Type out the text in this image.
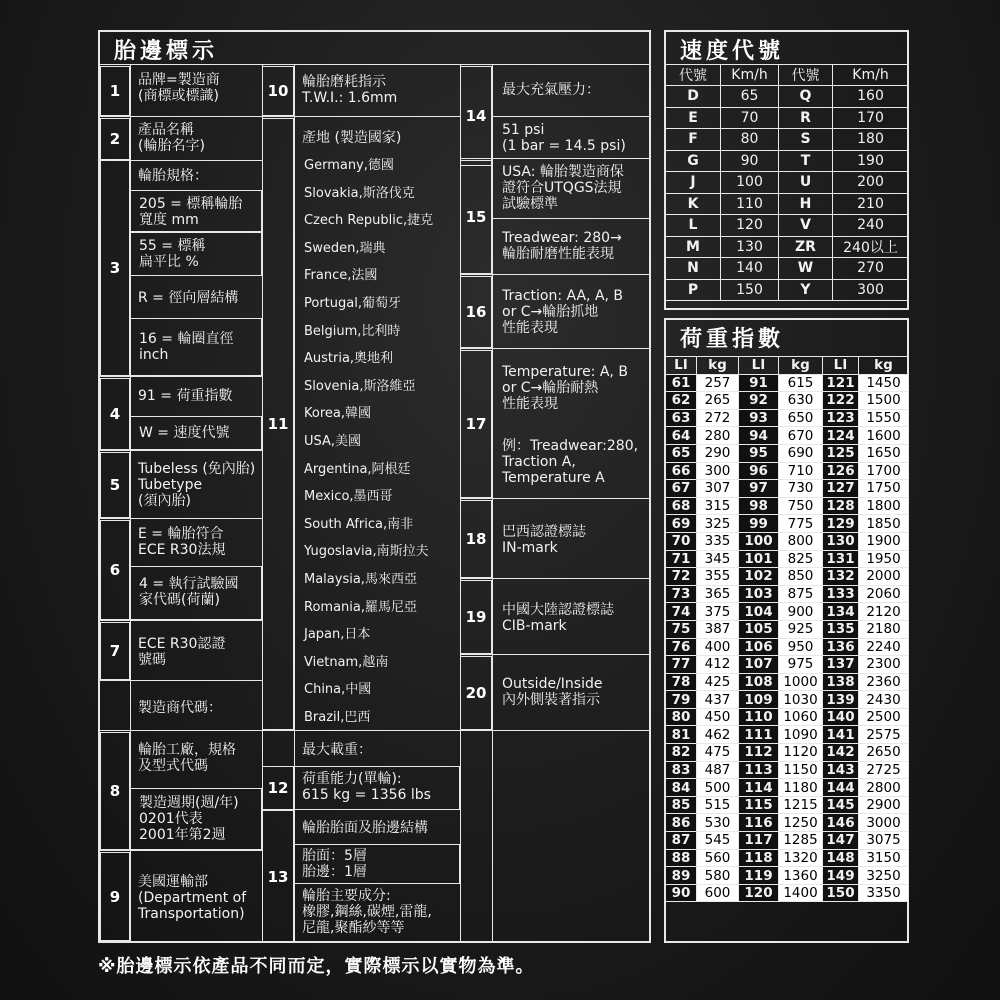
胎邊標示
1
品牌=製造商
(商標或標識)
2	產品名稱
(輪胎名字)
3
輪胎規格：
205 = 標稱輪胎
寬度 mm
55 = 標稱
扁平比 %
R = 徑向層結構
16 = 輪圈直徑
inch
4
91 = 荷重指數
W = 速度代號
5
Tubeless (免內胎)
Tubetype
(須內胎)
6
E = 輪胎符合
ECE R30法規
4 = 執行試驗國
家代碼(荷蘭)
7	ECE R30認證
號碼
製造商代碼：
8
輪胎工廠，規格
及型式代碼
製造週期(週/年)
0201代表
2001年第2週
9
美國運輸部
(Department of
Transportation)
10 輪胎磨耗指示
T.W.I.: 1.6mm
產地 (製造國家)
11
Germany,德國
Slovakia,斯洛伐克
Czech Republic,捷克
Sweden,瑞典
France,法國
Portugal,葡萄牙
Belgium,比利時
Austria,奧地利
Slovenia,斯洛維亞
Korea,韓國
USA,美國
Argentina,阿根廷
Mexico,墨西哥
South Africa,南非
Yugoslavia,南斯拉夫
Malaysia,馬來西亞
Romania,羅馬尼亞
Japan,日本
Vietnam,越南
China,中國
Brazil,巴西
最大載重：
12 荷重能力(單輪):
615 kg = 1356 lbs
輪胎胎面及胎邊結構
13
胎面：5層
胎邊：1層
輪胎主要成分:
橡膠,鋼絲,碳煙,雷龍,
尼龍,聚酯紗等等
14
最大充氣壓力：
51 psi
(1 bar = 14.5 psi)
15
USA: 輪胎製造商保
證符合UTQGS法規
試驗標準
Treadwear: 280→
輪胎耐磨性能表現
16
Traction: AA, A, B
or C→輪胎抓地
性能表現
17
Temperature: A, B
or C→輪胎耐熱
性能表現
例：Treadwear:280,
Traction A,
Temperature A
18	巴西認證標誌
IN-mark
19	中國大陸認證標誌
CIB-mark
20	Outside/Inside
內外側裝著指示
速度代號
代號	Km/h	代號	Km/h
D	65	Q	160
E	70	R	170
F	80	S	180
G	90	T	190
J	100	U	200
K	110	H	210
L	120	V	240
M	130	ZR	240以上
N	140	W	270
P	150	Y	300
荷重指數
LI	kg	LI	kg	LI	kg
61	257	91	615	121	1450
62	265	92	630	122	1500
63	272	93	650	123	1550
64	280	94	670	124	1600
65	290	95	690	125	1650
66	300	96	710	126	1700
67	307	97	730	127	1750
68	315	98	750	128	1800
69	325	99	775	129	1850
70	335	100	800	130	1900
71	345	101	825	131	1950
72	355	102	850	132	2000
73	365	103	875	133	2060
74	375	104	900	134	2120
75	387	105	925	135	2180
76	400	106	950	136	2240
77	412	107	975	137	2300
78	425	108	1000	138	2360
79	437	109	1030	139	2430
80	450	110	1060	140	2500
81	462	111	1090	141	2575
82	475	112	1120	142	2650
83	487	113	1150	143	2725
84	500	114	1180	144	2800
85	515	115	1215	145	2900
86	530	116	1250	146	3000
87	545	117	1285	147	3075
88	560	118	1320	148	3150
89	580	119	1360	149	3250
90	600	120	1400	150	3350
※胎邊標示依產品不同而定，實際標示以實物為準。
